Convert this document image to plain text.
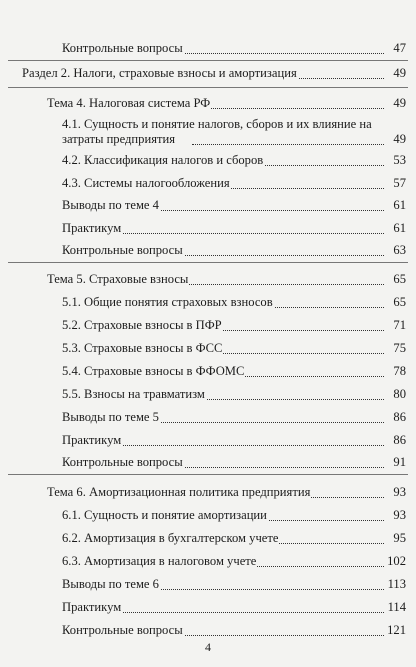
Контрольные вопросы	47
Раздел 2. Налоги, страховые взносы и амортизация	49
Тема 4. Налоговая система РФ	49
4.1. Сущность и понятие налогов, сборов и их влияние на
затраты предприятия	49
4.2. Классификация налогов и сборов	53
4.3. Системы налогообложения	57
Выводы по теме 4	61
Практикум	61
Контрольные вопросы	63
Тема 5. Страховые взносы	65
5.1. Общие понятия страховых взносов	65
5.2. Страховые взносы в ПФР	71
5.3. Страховые взносы в ФСС	75
5.4. Страховые взносы в ФФОМС	78
5.5. Взносы на травматизм	80
Выводы по теме 5	86
Практикум	86
Контрольные вопросы	91
Тема 6. Амортизационная политика предприятия	93
6.1. Сущность и понятие амортизации	93
6.2. Амортизация в бухгалтерском учете	95
6.3. Амортизация в налоговом учете	102
Выводы по теме 6	113
Практикум	114
Контрольные вопросы	121
4
